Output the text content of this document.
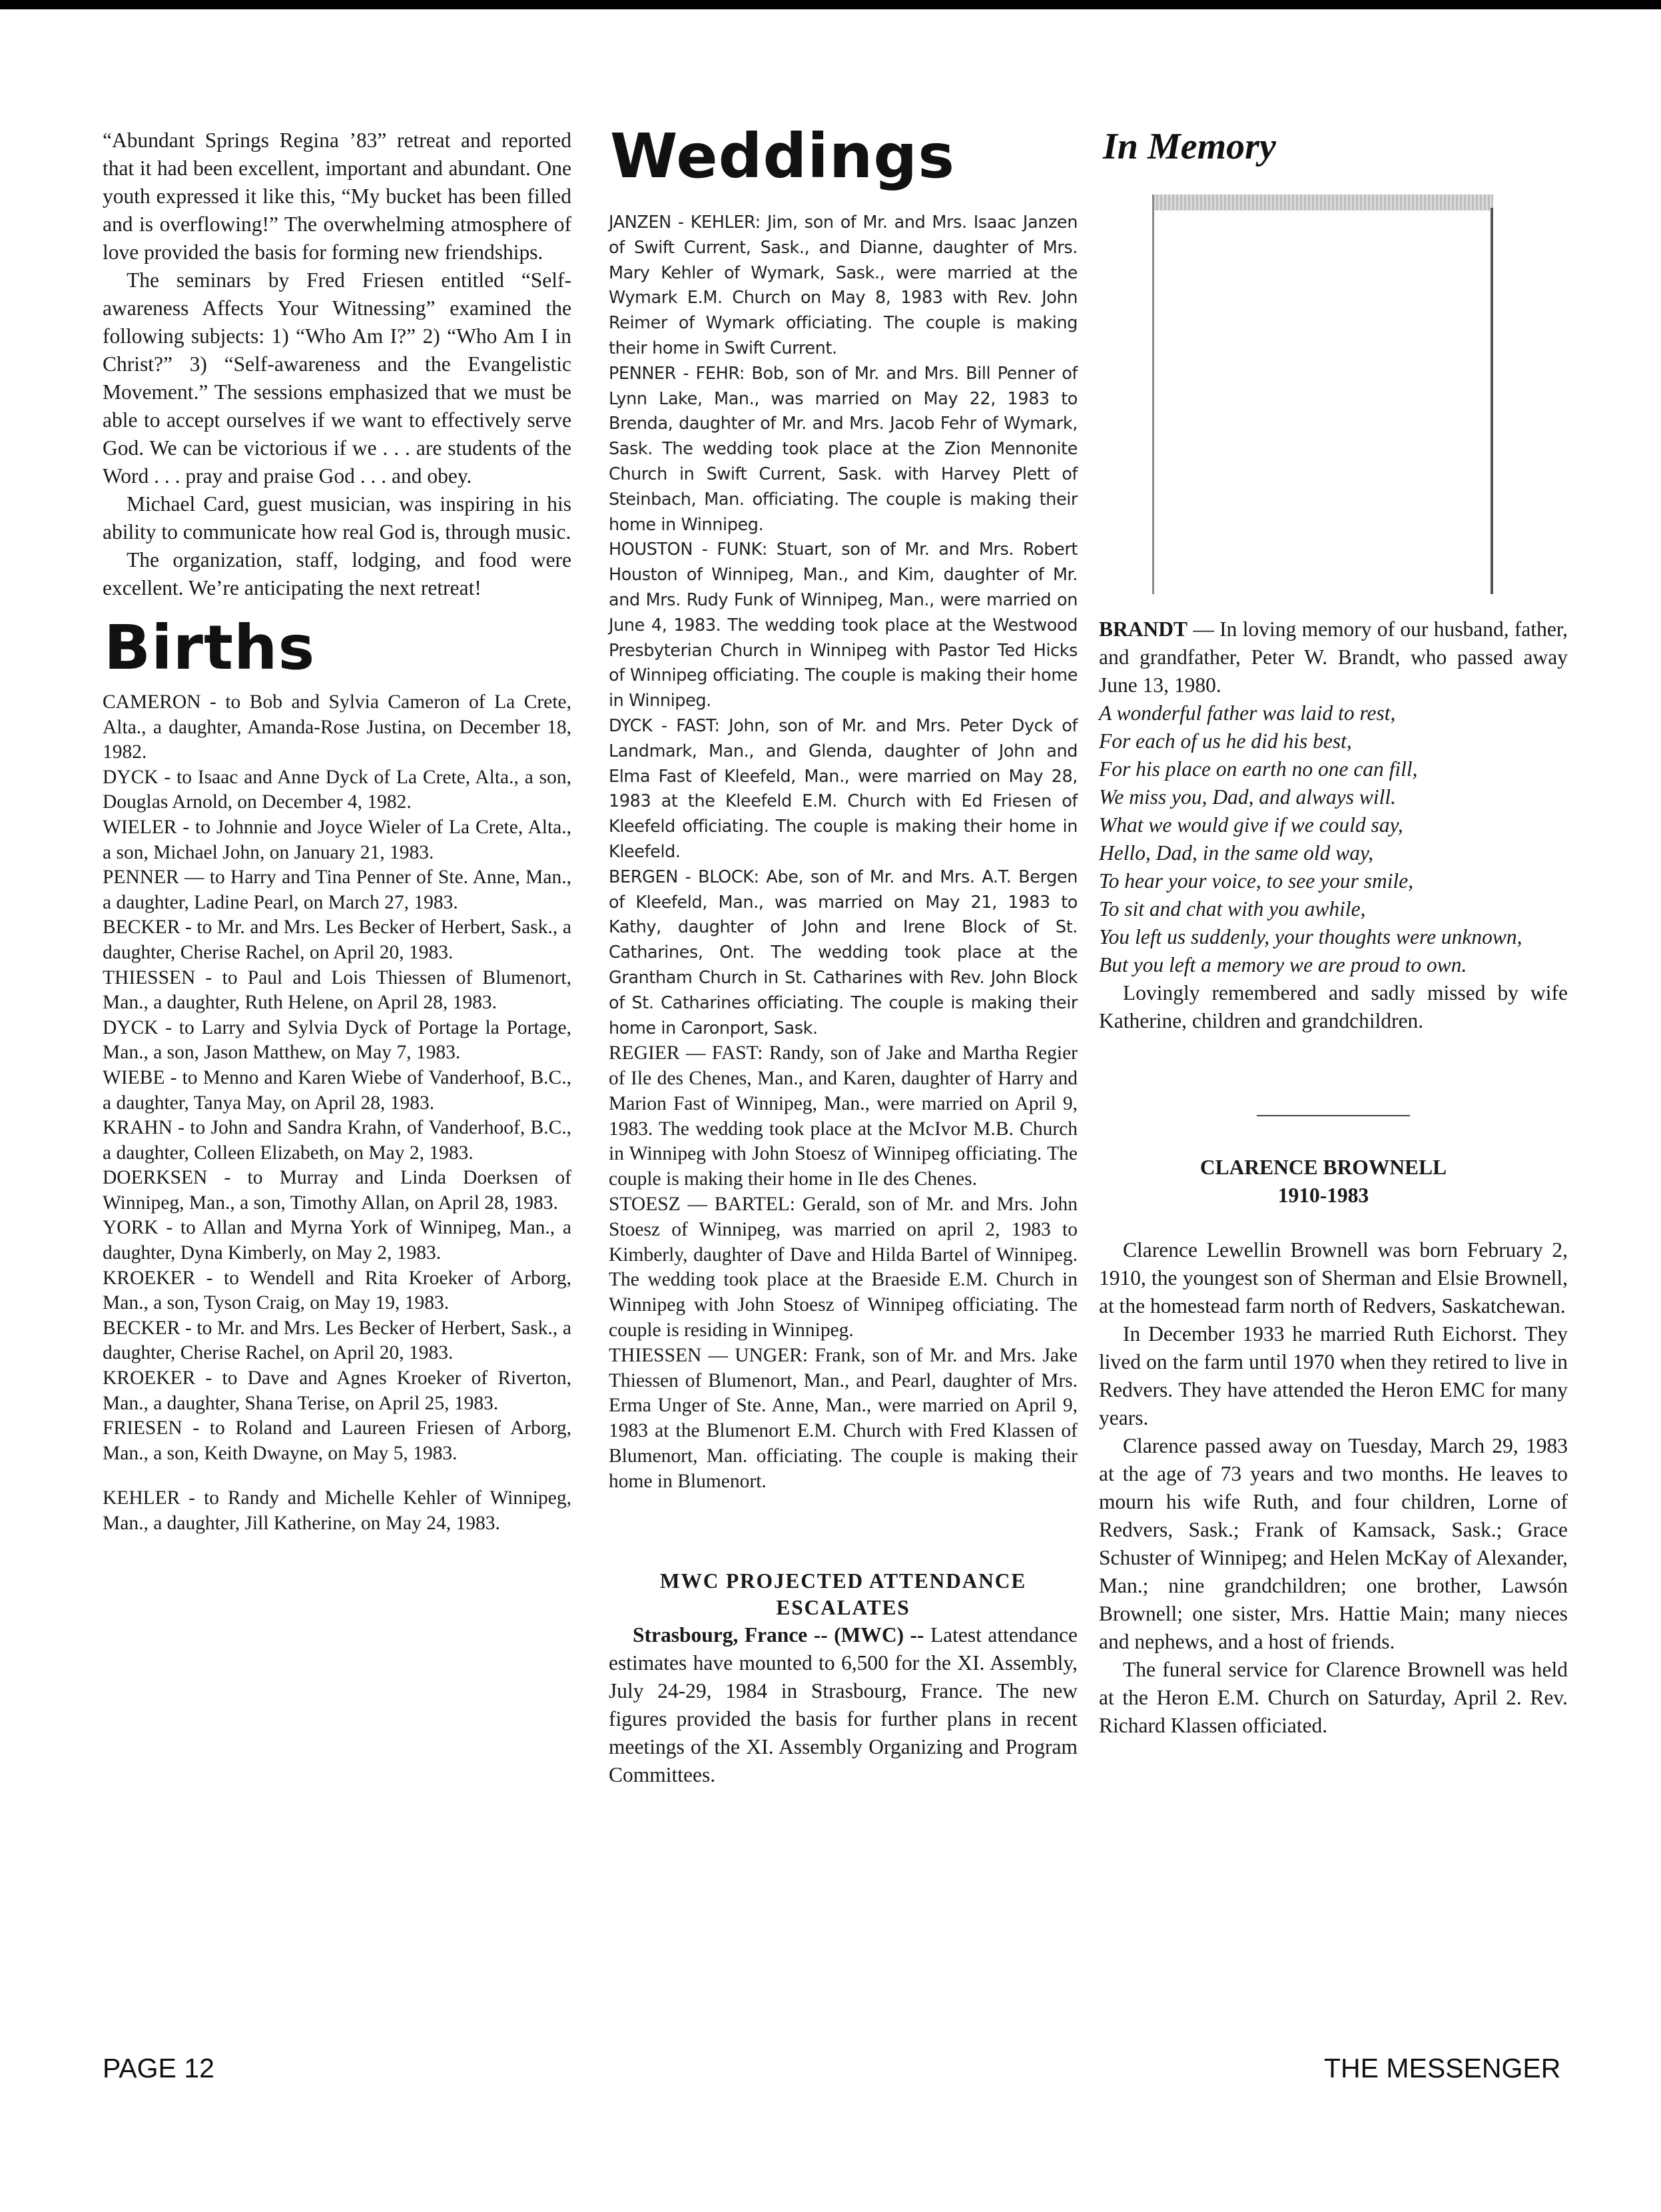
“Abundant Springs Regina ’83” retreat and reported that it had been excellent, important and abundant. One youth expressed it like this, “My bucket has been filled and is overflowing!” The overwhelming atmosphere of love provided the basis for forming new friendships.

The seminars by Fred Friesen entitled “Self-awareness Affects Your Witnessing” examined the following subjects: 1) “Who Am I?” 2) “Who Am I in Christ?” 3) “Self-awareness and the Evangelistic Movement.” The sessions emphasized that we must be able to accept ourselves if we want to effectively serve God. We can be victorious if we . . . are students of the Word . . . pray and praise God . . . and obey.

Michael Card, guest musician, was inspiring in his ability to communicate how real God is, through music.

The organization, staff, lodging, and food were excellent. We’re anticipating the next retreat!

Births

CAMERON - to Bob and Sylvia Cameron of La Crete, Alta., a daughter, Amanda-Rose Justina, on December 18, 1982.

DYCK - to Isaac and Anne Dyck of La Crete, Alta., a son, Douglas Arnold, on December 4, 1982.

WIELER - to Johnnie and Joyce Wieler of La Crete, Alta., a son, Michael John, on January 21, 1983.

PENNER — to Harry and Tina Penner of Ste. Anne, Man., a daughter, Ladine Pearl, on March 27, 1983.

BECKER - to Mr. and Mrs. Les Becker of Herbert, Sask., a daughter, Cherise Rachel, on April 20, 1983.

THIESSEN - to Paul and Lois Thiessen of Blumenort, Man., a daughter, Ruth Helene, on April 28, 1983.

DYCK - to Larry and Sylvia Dyck of Portage la Portage, Man., a son, Jason Matthew, on May 7, 1983.

WIEBE - to Menno and Karen Wiebe of Vanderhoof, B.C., a daughter, Tanya May, on April 28, 1983.

KRAHN - to John and Sandra Krahn, of Vanderhoof, B.C., a daughter, Colleen Elizabeth, on May 2, 1983.

DOERKSEN - to Murray and Linda Doerksen of Winnipeg, Man., a son, Timothy Allan, on April 28, 1983.

YORK - to Allan and Myrna York of Winnipeg, Man., a daughter, Dyna Kimberly, on May 2, 1983.

KROEKER - to Wendell and Rita Kroeker of Arborg, Man., a son, Tyson Craig, on May 19, 1983.

BECKER - to Mr. and Mrs. Les Becker of Herbert, Sask., a daughter, Cherise Rachel, on April 20, 1983.

KROEKER - to Dave and Agnes Kroeker of Riverton, Man., a daughter, Shana Terise, on April 25, 1983.

FRIESEN - to Roland and Laureen Friesen of Arborg, Man., a son, Keith Dwayne, on May 5, 1983.

KEHLER - to Randy and Michelle Kehler of Winnipeg, Man., a daughter, Jill Katherine, on May 24, 1983.

Weddings

JANZEN - KEHLER: Jim, son of Mr. and Mrs. Isaac Janzen of Swift Current, Sask., and Dianne, daughter of Mrs. Mary Kehler of Wymark, Sask., were married at the Wymark E.M. Church on May 8, 1983 with Rev. John Reimer of Wymark officiating. The couple is making their home in Swift Current.

PENNER - FEHR: Bob, son of Mr. and Mrs. Bill Penner of Lynn Lake, Man., was married on May 22, 1983 to Brenda, daughter of Mr. and Mrs. Jacob Fehr of Wymark, Sask. The wedding took place at the Zion Mennonite Church in Swift Current, Sask. with Harvey Plett of Steinbach, Man. officiating. The couple is making their home in Winnipeg.

HOUSTON - FUNK: Stuart, son of Mr. and Mrs. Robert Houston of Winnipeg, Man., and Kim, daughter of Mr. and Mrs. Rudy Funk of Winnipeg, Man., were married on June 4, 1983. The wedding took place at the Westwood Presbyterian Church in Winnipeg with Pastor Ted Hicks of Winnipeg officiating. The couple is making their home in Winnipeg.

DYCK - FAST: John, son of Mr. and Mrs. Peter Dyck of Landmark, Man., and Glenda, daughter of John and Elma Fast of Kleefeld, Man., were married on May 28, 1983 at the Kleefeld E.M. Church with Ed Friesen of Kleefeld officiating. The couple is making their home in Kleefeld.

BERGEN - BLOCK: Abe, son of Mr. and Mrs. A.T. Bergen of Kleefeld, Man., was married on May 21, 1983 to Kathy, daughter of John and Irene Block of St. Catharines, Ont. The wedding took place at the Grantham Church in St. Catharines with Rev. John Block of St. Catharines officiating. The couple is making their home in Caronport, Sask.

REGIER — FAST: Randy, son of Jake and Martha Regier of Ile des Chenes, Man., and Karen, daughter of Harry and Marion Fast of Winnipeg, Man., were married on April 9, 1983. The wedding took place at the McIvor M.B. Church in Winnipeg with John Stoesz of Winnipeg officiating. The couple is making their home in Ile des Chenes.

STOESZ — BARTEL: Gerald, son of Mr. and Mrs. John Stoesz of Winnipeg, was married on april 2, 1983 to Kimberly, daughter of Dave and Hilda Bartel of Winnipeg. The wedding took place at the Braeside E.M. Church in Winnipeg with John Stoesz of Winnipeg officiating. The couple is residing in Winnipeg.

THIESSEN — UNGER: Frank, son of Mr. and Mrs. Jake Thiessen of Blumenort, Man., and Pearl, daughter of Mrs. Erma Unger of Ste. Anne, Man., were married on April 9, 1983 at the Blumenort E.M. Church with Fred Klassen of Blumenort, Man. officiating. The couple is making their home in Blumenort.

MWC PROJECTED ATTENDANCE ESCALATES

Strasbourg, France -- (MWC) -- Latest attendance estimates have mounted to 6,500 for the XI. Assembly, July 24-29, 1984 in Strasbourg, France. The new figures provided the basis for further plans in recent meetings of the XI. Assembly Organizing and Program Committees.

In Memory

BRANDT — In loving memory of our husband, father, and grandfather, Peter W. Brandt, who passed away June 13, 1980.

A wonderful father was laid to rest,

For each of us he did his best,

For his place on earth no one can fill,

We miss you, Dad, and always will.

What we would give if we could say,

Hello, Dad, in the same old way,

To hear your voice, to see your smile,

To sit and chat with you awhile,

You left us suddenly, your thoughts were unknown,

But you left a memory we are proud to own.

Lovingly remembered and sadly missed by wife Katherine, children and grandchildren.

CLARENCE BROWNELL

1910-1983

Clarence Lewellin Brownell was born February 2, 1910, the youngest son of Sherman and Elsie Brownell, at the homestead farm north of Redvers, Saskatchewan.

In December 1933 he married Ruth Eichorst. They lived on the farm until 1970 when they retired to live in Redvers. They have attended the Heron EMC for many years.

Clarence passed away on Tuesday, March 29, 1983 at the age of 73 years and two months. He leaves to mourn his wife Ruth, and four children, Lorne of Redvers, Sask.; Frank of Kamsack, Sask.; Grace Schuster of Winnipeg; and Helen McKay of Alexander, Man.; nine grandchildren; one brother, Lawsón Brownell; one sister, Mrs. Hattie Main; many nieces and nephews, and a host of friends.

The funeral service for Clarence Brownell was held at the Heron E.M. Church on Saturday, April 2. Rev. Richard Klassen officiated.

PAGE 12	THE MESSENGER
